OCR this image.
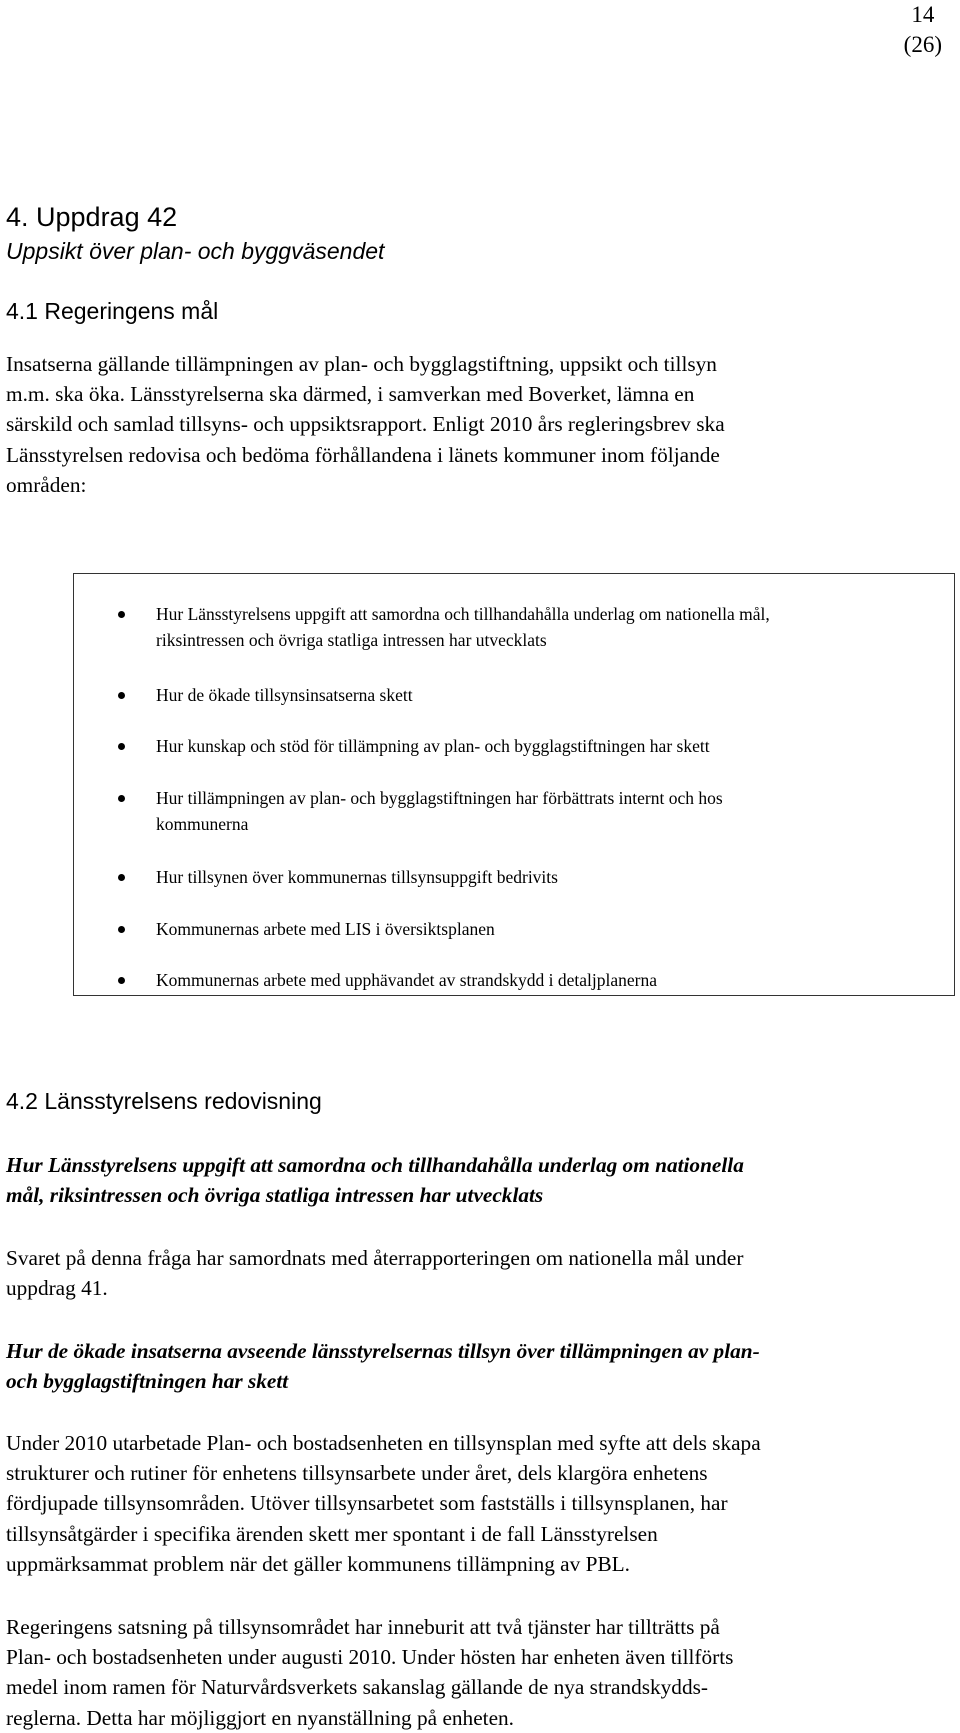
14
(26)
4. Uppdrag 42
Uppsikt över plan- och byggväsendet
4.1 Regeringens mål
Insatserna gällande tillämpningen av plan- och bygglagstiftning, uppsikt och tillsyn
m.m. ska öka. Länsstyrelserna ska därmed, i samverkan med Boverket, lämna en
särskild och samlad tillsyns- och uppsiktsrapport. Enligt 2010 års regleringsbrev ska
Länsstyrelsen redovisa och bedöma förhållandena i länets kommuner inom följande
områden:
Hur Länsstyrelsens uppgift att samordna och tillhandahålla underlag om nationella mål,
riksintressen och övriga statliga intressen har utvecklats
Hur de ökade tillsynsinsatserna skett
Hur kunskap och stöd för tillämpning av plan- och bygglagstiftningen har skett
Hur tillämpningen av plan- och bygglagstiftningen har förbättrats internt och hos
kommunerna
Hur tillsynen över kommunernas tillsynsuppgift bedrivits
Kommunernas arbete med LIS i översiktsplanen
Kommunernas arbete med upphävandet av strandskydd i detaljplanerna
4.2 Länsstyrelsens redovisning
Hur Länsstyrelsens uppgift att samordna och tillhandahålla underlag om nationella
mål, riksintressen och övriga statliga intressen har utvecklats
Svaret på denna fråga har samordnats med återrapporteringen om nationella mål under
uppdrag 41.
Hur de ökade insatserna avseende länsstyrelsernas tillsyn över tillämpningen av plan-
och bygglagstiftningen har skett
Under 2010 utarbetade Plan- och bostadsenheten en tillsynsplan med syfte att dels skapa
strukturer och rutiner för enhetens tillsynsarbete under året, dels klargöra enhetens
fördjupade tillsynsområden. Utöver tillsynsarbetet som fastställs i tillsynsplanen, har
tillsynsåtgärder i specifika ärenden skett mer spontant i de fall Länsstyrelsen
uppmärksammat problem när det gäller kommunens tillämpning av PBL.
Regeringens satsning på tillsynsområdet har inneburit att två tjänster har tillträtts på
Plan- och bostadsenheten under augusti 2010. Under hösten har enheten även tillförts
medel inom ramen för Naturvårdsverkets sakanslag gällande de nya strandskydds-
reglerna. Detta har möjliggjort en nyanställning på enheten.
